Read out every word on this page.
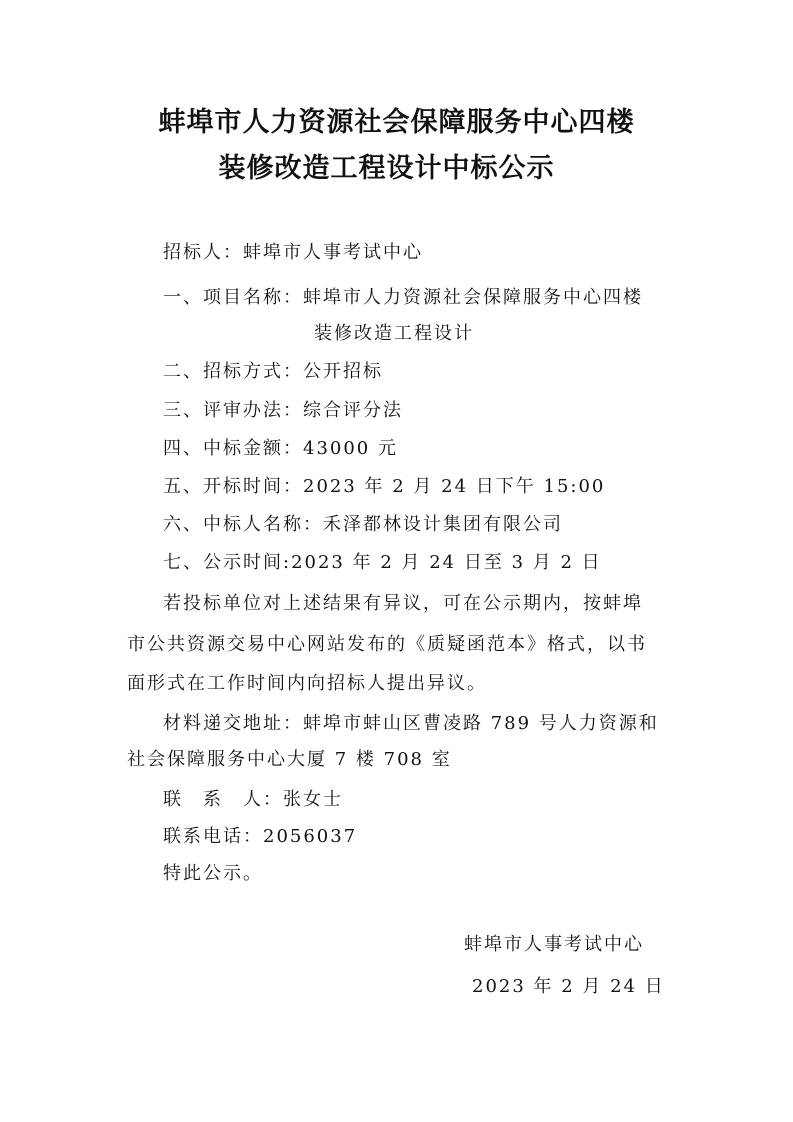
蚌埠市人力资源社会保障服务中心四楼
装修改造工程设计中标公示

招标人：蚌埠市人事考试中心

一、项目名称：蚌埠市人力资源社会保障服务中心四楼

装修改造工程设计

二、招标方式：公开招标

三、评审办法：综合评分法

四、中标金额：43000 元

五、开标时间：2023 年 2 月 24 日下午 15:00

六、中标人名称：禾泽都林设计集团有限公司

七、公示时间:2023 年 2 月 24 日至 3 月 2 日

若投标单位对上述结果有异议，可在公示期内，按蚌埠

市公共资源交易中心网站发布的《质疑函范本》格式，以书

面形式在工作时间内向招标人提出异议。

材料递交地址：蚌埠市蚌山区曹凌路 789 号人力资源和

社会保障服务中心大厦 7 楼 708 室

联　系　人：张女士

联系电话：2056037

特此公示。

蚌埠市人事考试中心
2023 年 2 月 24 日
